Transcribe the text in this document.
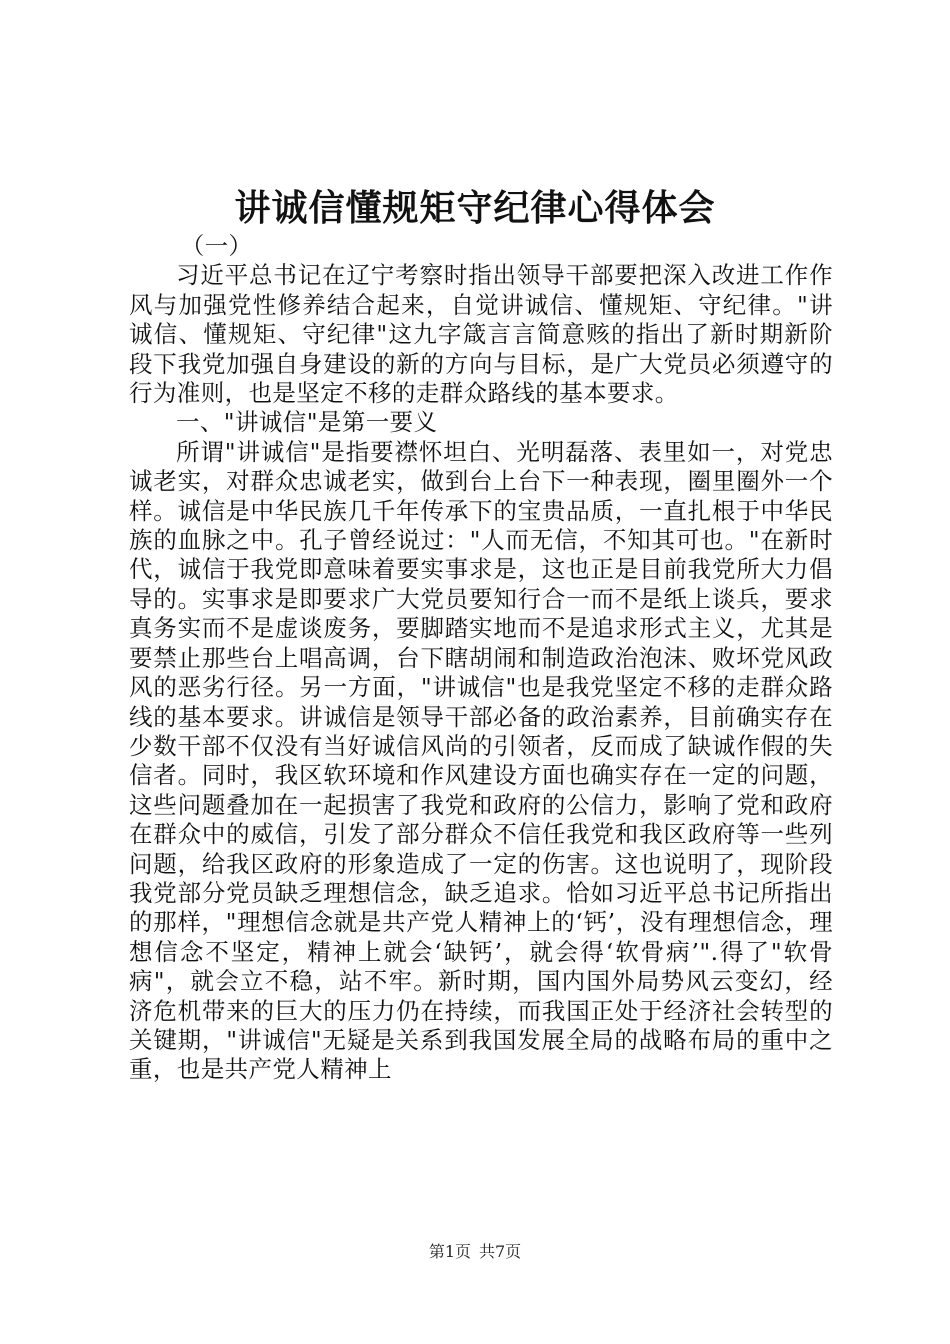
讲诚信懂规矩守纪律心得体会

（一）

习近平总书记在辽宁考察时指出领导干部要把深入改进工作作风与加强党性修养结合起来，自觉讲诚信、懂规矩、守纪律。"讲诚信、懂规矩、守纪律"这九字箴言言简意赅的指出了新时期新阶段下我党加强自身建设的新的方向与目标，是广大党员必须遵守的行为准则，也是坚定不移的走群众路线的基本要求。

一、"讲诚信"是第一要义

所谓"讲诚信"是指要襟怀坦白、光明磊落、表里如一，对党忠诚老实，对群众忠诚老实，做到台上台下一种表现，圈里圈外一个样。诚信是中华民族几千年传承下的宝贵品质，一直扎根于中华民族的血脉之中。孔子曾经说过："人而无信，不知其可也。"在新时代，诚信于我党即意味着要实事求是，这也正是目前我党所大力倡导的。实事求是即要求广大党员要知行合一而不是纸上谈兵，要求真务实而不是虚谈废务，要脚踏实地而不是追求形式主义，尤其是要禁止那些台上唱高调，台下瞎胡闹和制造政治泡沫、败坏党风政风的恶劣行径。另一方面，"讲诚信"也是我党坚定不移的走群众路线的基本要求。讲诚信是领导干部必备的政治素养，目前确实存在少数干部不仅没有当好诚信风尚的引领者，反而成了缺诚作假的失信者。同时，我区软环境和作风建设方面也确实存在一定的问题，这些问题叠加在一起损害了我党和政府的公信力，影响了党和政府在群众中的威信，引发了部分群众不信任我党和我区政府等一些列问题，给我区政府的形象造成了一定的伤害。这也说明了，现阶段我党部分党员缺乏理想信念，缺乏追求。恰如习近平总书记所指出的那样，"理想信念就是共产党人精神上的‘钙’，没有理想信念，理想信念不坚定，精神上就会‘缺钙’，就会得‘软骨病’".得了"软骨病"，就会立不稳，站不牢。新时期，国内国外局势风云变幻，经济危机带来的巨大的压力仍在持续，而我国正处于经济社会转型的关键期，"讲诚信"无疑是关系到我国发展全局的战略布局的重中之重，也是共产党人精神上

第1页 共7页
